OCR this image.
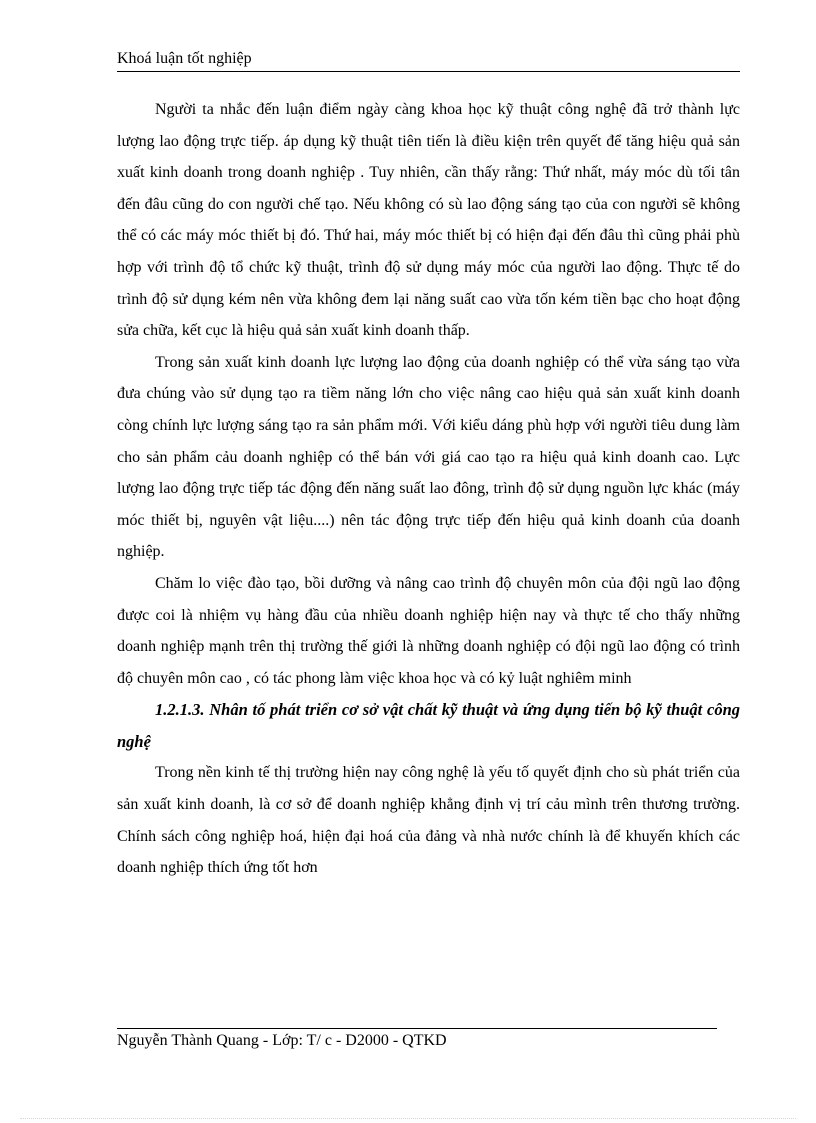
Khoá luận tốt nghiệp

Người ta nhắc đến luận điểm ngày càng khoa học kỹ thuật công nghệ đã trở thành lực lượng lao động trực tiếp. áp dụng kỹ thuật tiên tiến là điều kiện trên quyết để tăng hiệu quả sản xuất kinh doanh trong doanh nghiệp . Tuy nhiên, cần thấy rằng: Thứ nhất, máy móc dù tối tân đến đâu cũng do con người chế tạo. Nếu không có sù lao động sáng tạo của con người sẽ không thể có các máy móc thiết bị đó. Thứ hai, máy móc thiết bị có hiện đại đến đâu thì cũng phải phù hợp với trình độ tổ chức kỹ thuật, trình độ sử dụng máy móc của người lao động. Thực tế do trình độ sử dụng kém nên vừa không đem lại năng suất cao vừa tốn kém tiền bạc cho hoạt động sửa chữa, kết cục là hiệu quả sản xuất kinh doanh thấp.

Trong sản xuất kinh doanh lực lượng lao động của doanh nghiệp có thể vừa sáng tạo vừa đưa chúng vào sử dụng tạo ra tiềm năng lớn cho việc nâng cao hiệu quả sản xuất kinh doanh còng chính lực lượng sáng tạo ra sản phẩm mới. Với kiểu dáng phù hợp với người tiêu dung làm cho sản phẩm cảu doanh nghiệp có thể bán với giá cao tạo ra hiệu quả kinh doanh cao. Lực lượng lao động trực tiếp tác động đến năng suất lao đông, trình độ sử dụng nguồn lực khác (máy móc thiết bị, nguyên vật liệu....) nên tác động trực tiếp đến hiệu quả kinh doanh của doanh nghiệp.

Chăm lo việc đào tạo, bồi dưỡng và nâng cao trình độ chuyên môn của đội ngũ lao động được coi là nhiệm vụ hàng đầu của nhiều doanh nghiệp hiện nay và thực tế cho thấy những doanh nghiệp mạnh trên thị trường thế giới là những doanh nghiệp có đội ngũ lao động có trình độ chuyên môn cao , có tác phong làm việc khoa học và có kỷ luật nghiêm minh

1.2.1.3. Nhân tố phát triển cơ sở vật chất kỹ thuật và ứng dụng tiến bộ kỹ thuật công nghệ

Trong nền kinh tế thị trường hiện nay công nghệ là yếu tố quyết định cho sù phát triển của sản xuất kinh doanh, là cơ sở để doanh nghiệp khẳng định vị trí cảu mình trên thương trường. Chính sách công nghiệp hoá, hiện đại hoá của đảng và nhà nước chính là để khuyến khích các doanh nghiệp thích ứng tốt hơn

Nguyễn Thành Quang - Lớp: T/ c - D2000 - QTKD
